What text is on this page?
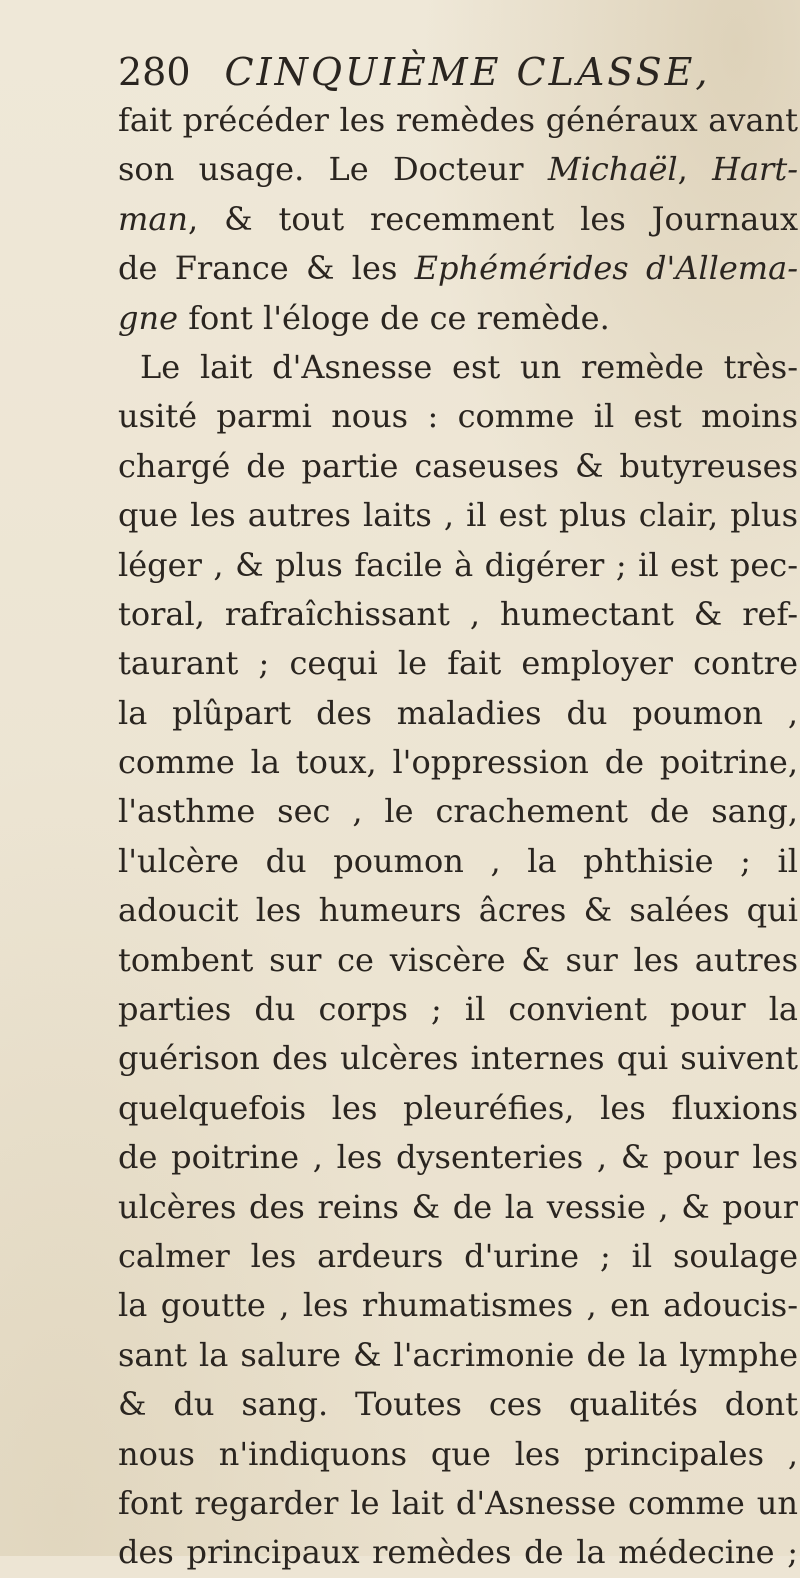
280 CINQUIÈME CLASSE,
fait précéder les remèdes généraux avant
son usage. Le Docteur Michaël, Hart-
man, & tout recemment les Journaux
de France & les Ephémérides d'Allema-
gne font l'éloge de ce remède.
Le lait d'Asnesse est un remède très-
usité parmi nous : comme il est moins
chargé de partie caseuses & butyreuses
que les autres laits , il est plus clair, plus
léger , & plus facile à digérer ; il est pec-
toral, rafraîchissant , humectant & ref-
taurant ; cequi le fait employer contre
la plûpart des maladies du poumon ,
comme la toux, l'oppression de poitrine,
l'asthme sec , le crachement de sang,
l'ulcère du poumon , la phthisie ; il
adoucit les humeurs âcres & salées qui
tombent sur ce viscère & sur les autres
parties du corps ; il convient pour la
guérison des ulcères internes qui suivent
quelquefois les pleuréfies, les fluxions
de poitrine , les dysenteries , & pour les
ulcères des reins & de la vessie , & pour
calmer les ardeurs d'urine ; il soulage
la goutte , les rhumatismes , en adoucis-
sant la salure & l'acrimonie de la lymphe
& du sang. Toutes ces qualités dont
nous n'indiquons que les principales ,
font regarder le lait d'Asnesse comme un
des principaux remèdes de la médecine ;
